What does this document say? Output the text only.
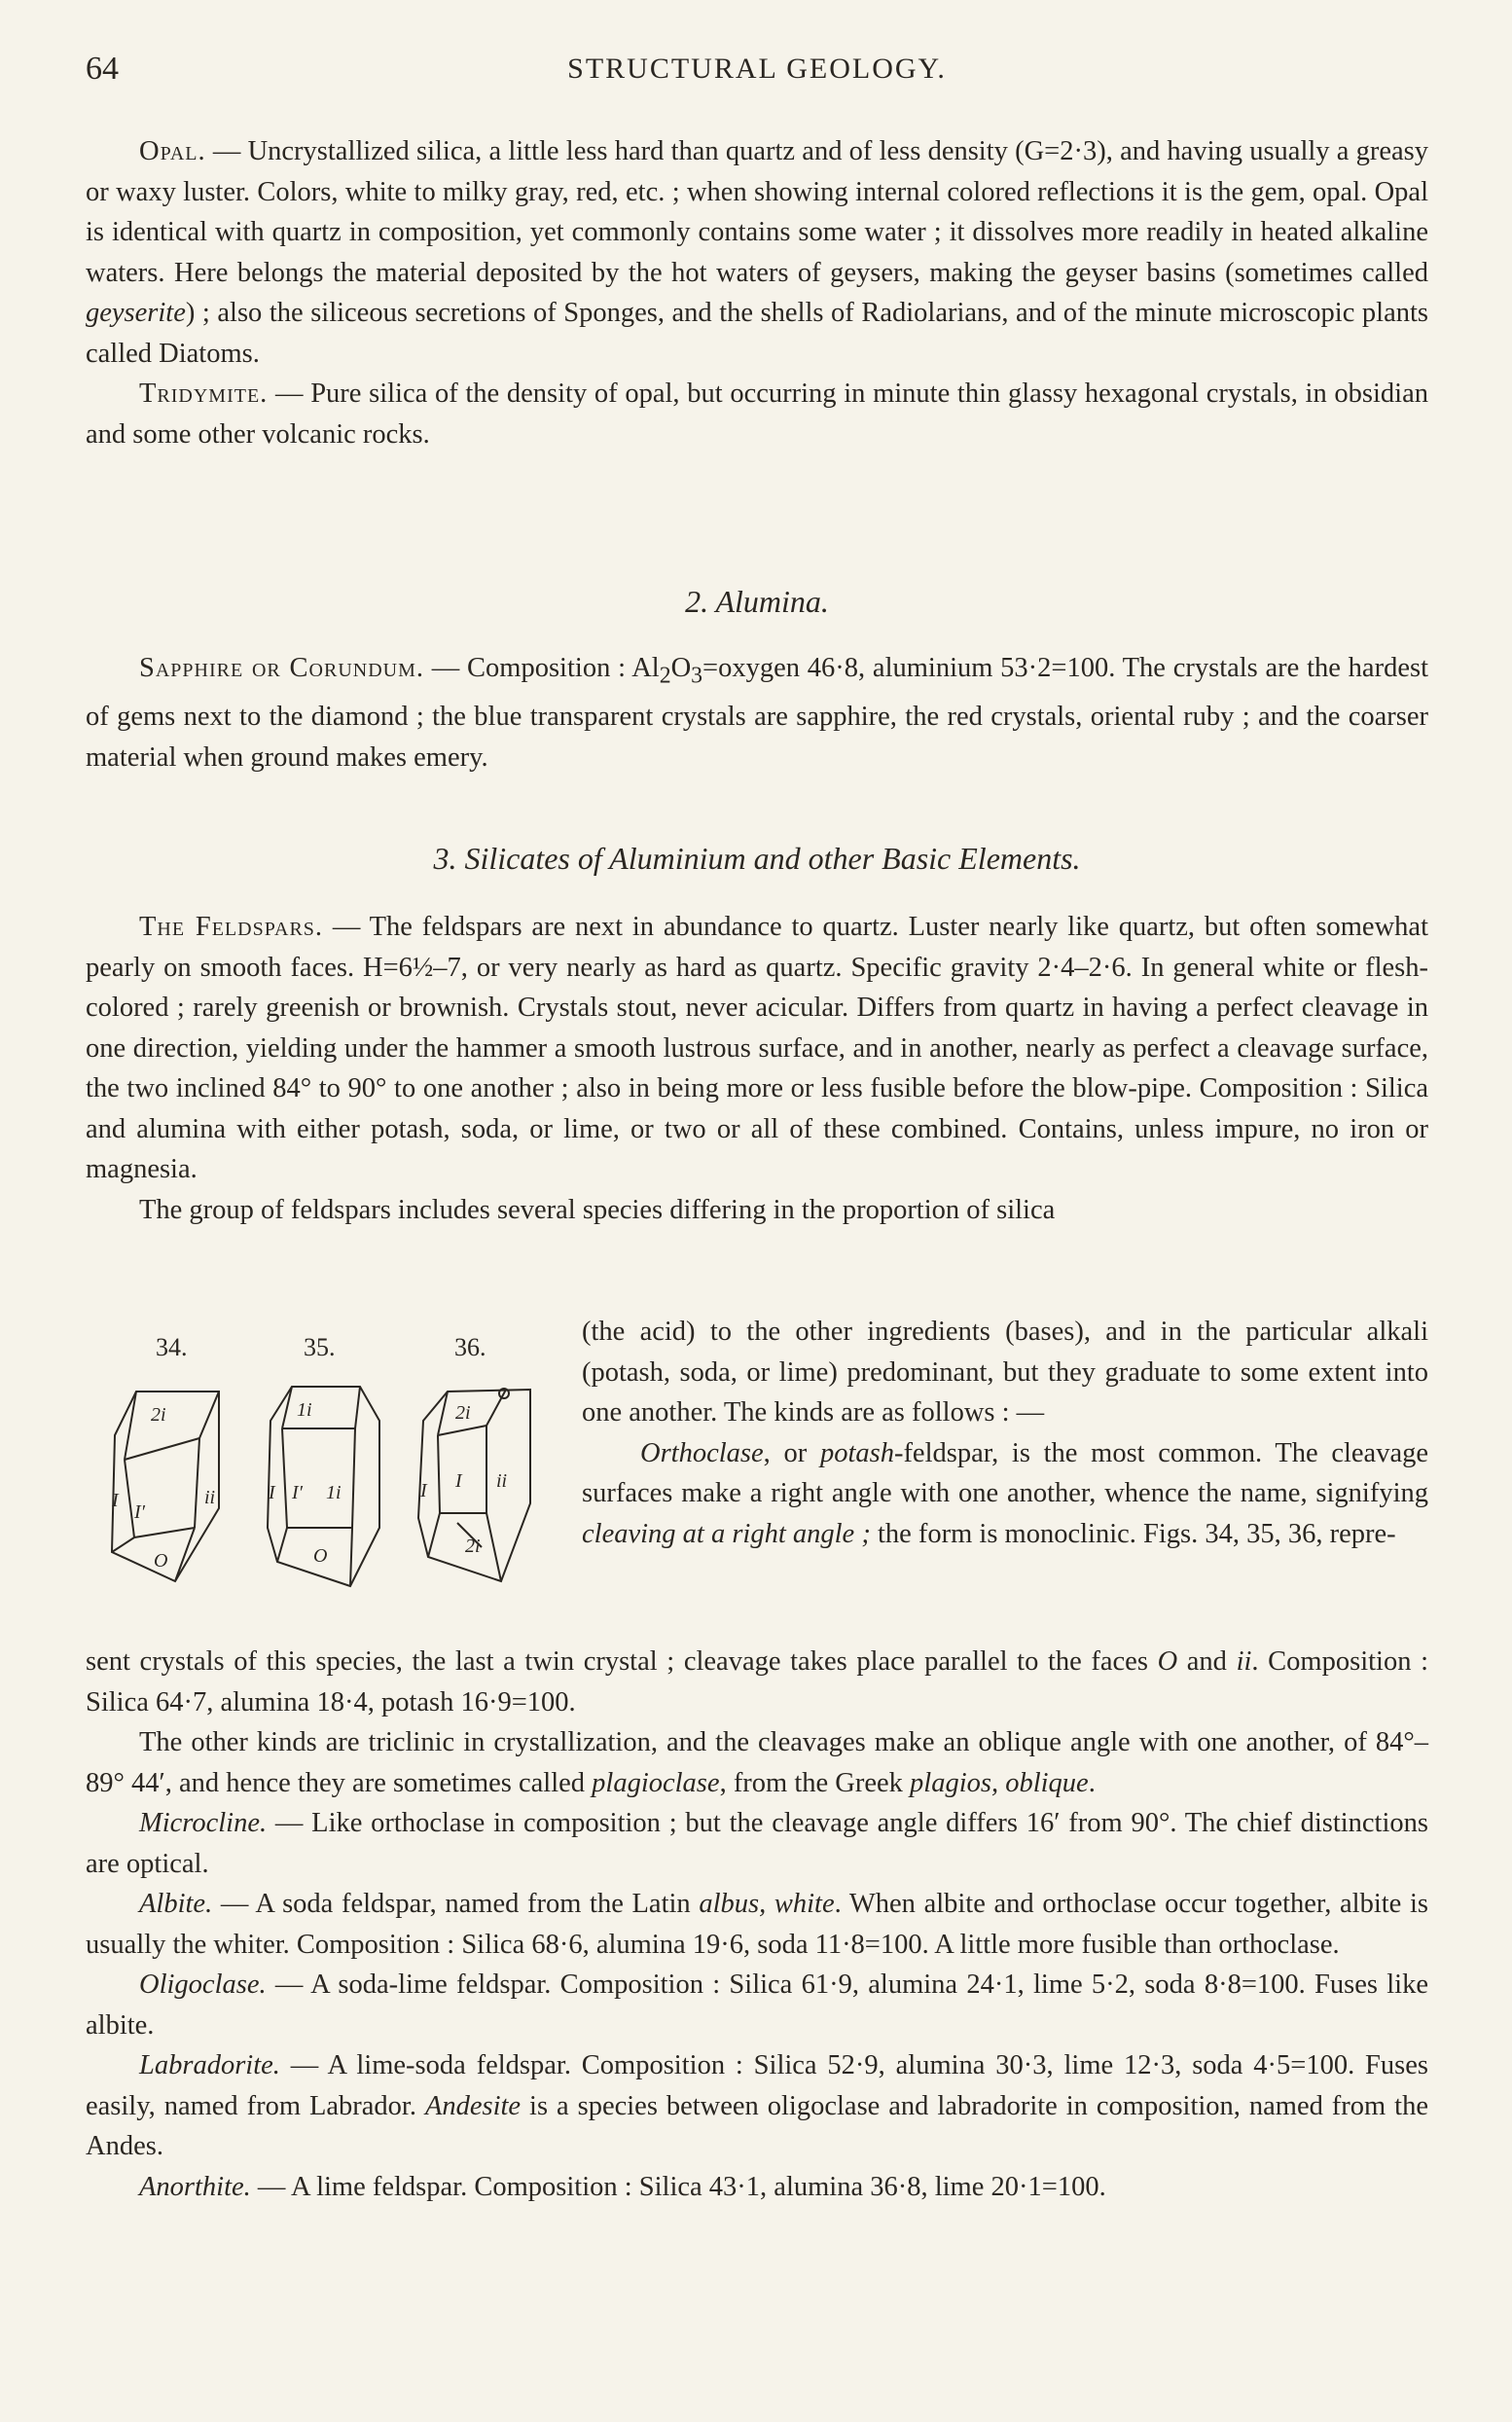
64	STRUCTURAL GEOLOGY.

Opal. — Uncrystallized silica, a little less hard than quartz and of less density (G=2·3), and having usually a greasy or waxy luster. Colors, white to milky gray, red, etc. ; when showing internal colored reflections it is the gem, opal. Opal is identical with quartz in composition, yet commonly contains some water ; it dissolves more readily in heated alkaline waters. Here belongs the material deposited by the hot waters of geysers, making the geyser basins (sometimes called geyserite) ; also the siliceous secretions of Sponges, and the shells of Radiolarians, and of the minute microscopic plants called Diatoms.

Tridymite. — Pure silica of the density of opal, but occurring in minute thin glassy hexagonal crystals, in obsidian and some other volcanic rocks.

2. Alumina.

Sapphire or Corundum. — Composition : $Al_2O_3=oxygen$ 46·8, aluminium 53·2=100. The crystals are the hardest of gems next to the diamond ; the blue transparent crystals are sapphire, the red crystals, oriental ruby ; and the coarser material when ground makes emery.

3. Silicates of Aluminium and other Basic Elements.

The Feldspars. — The feldspars are next in abundance to quartz. Luster nearly like quartz, but often somewhat pearly on smooth faces. H=6½–7, or very nearly as hard as quartz. Specific gravity 2·4–2·6. In general white or flesh-colored ; rarely greenish or brownish. Crystals stout, never acicular. Differs from quartz in having a perfect cleavage in one direction, yielding under the hammer a smooth lustrous surface, and in another, nearly as perfect a cleavage surface, the two inclined 84° to 90° to one another ; also in being more or less fusible before the blow-pipe. Composition : Silica and alumina with either potash, soda, or lime, or two or all of these combined. Contains, unless impure, no iron or magnesia.

The group of feldspars includes several species differing in the proportion of silica

34.	35.	36.
2i
I
I′
ii
O
1i
I I′ 1i
O
2i
I I ii
2i

(the acid) to the other ingredients (bases), and in the particular alkali (potash, soda, or lime) predominant, but they graduate to some extent into one another. The kinds are as follows : —

Orthoclase, or potash-feldspar, is the most common. The cleavage surfaces make a right angle with one another, whence the name, signifying cleaving at a right angle ; the form is monoclinic. Figs. 34, 35, 36, repre-

sent crystals of this species, the last a twin crystal ; cleavage takes place parallel to the faces O and ii. Composition : Silica 64·7, alumina 18·4, potash 16·9=100.

The other kinds are triclinic in crystallization, and the cleavages make an oblique angle with one another, of 84°–89° 44′, and hence they are sometimes called plagioclase, from the Greek plagios, oblique.

Microcline. — Like orthoclase in composition ; but the cleavage angle differs 16′ from 90°. The chief distinctions are optical.

Albite. — A soda feldspar, named from the Latin albus, white. When albite and orthoclase occur together, albite is usually the whiter. Composition : Silica 68·6, alumina 19·6, soda 11·8=100. A little more fusible than orthoclase.

Oligoclase. — A soda-lime feldspar. Composition : Silica 61·9, alumina 24·1, lime 5·2, soda 8·8=100. Fuses like albite.

Labradorite. — A lime-soda feldspar. Composition : Silica 52·9, alumina 30·3, lime 12·3, soda 4·5=100. Fuses easily, named from Labrador. Andesite is a species between oligoclase and labradorite in composition, named from the Andes.

Anorthite. — A lime feldspar. Composition : Silica 43·1, alumina 36·8, lime 20·1=100.
